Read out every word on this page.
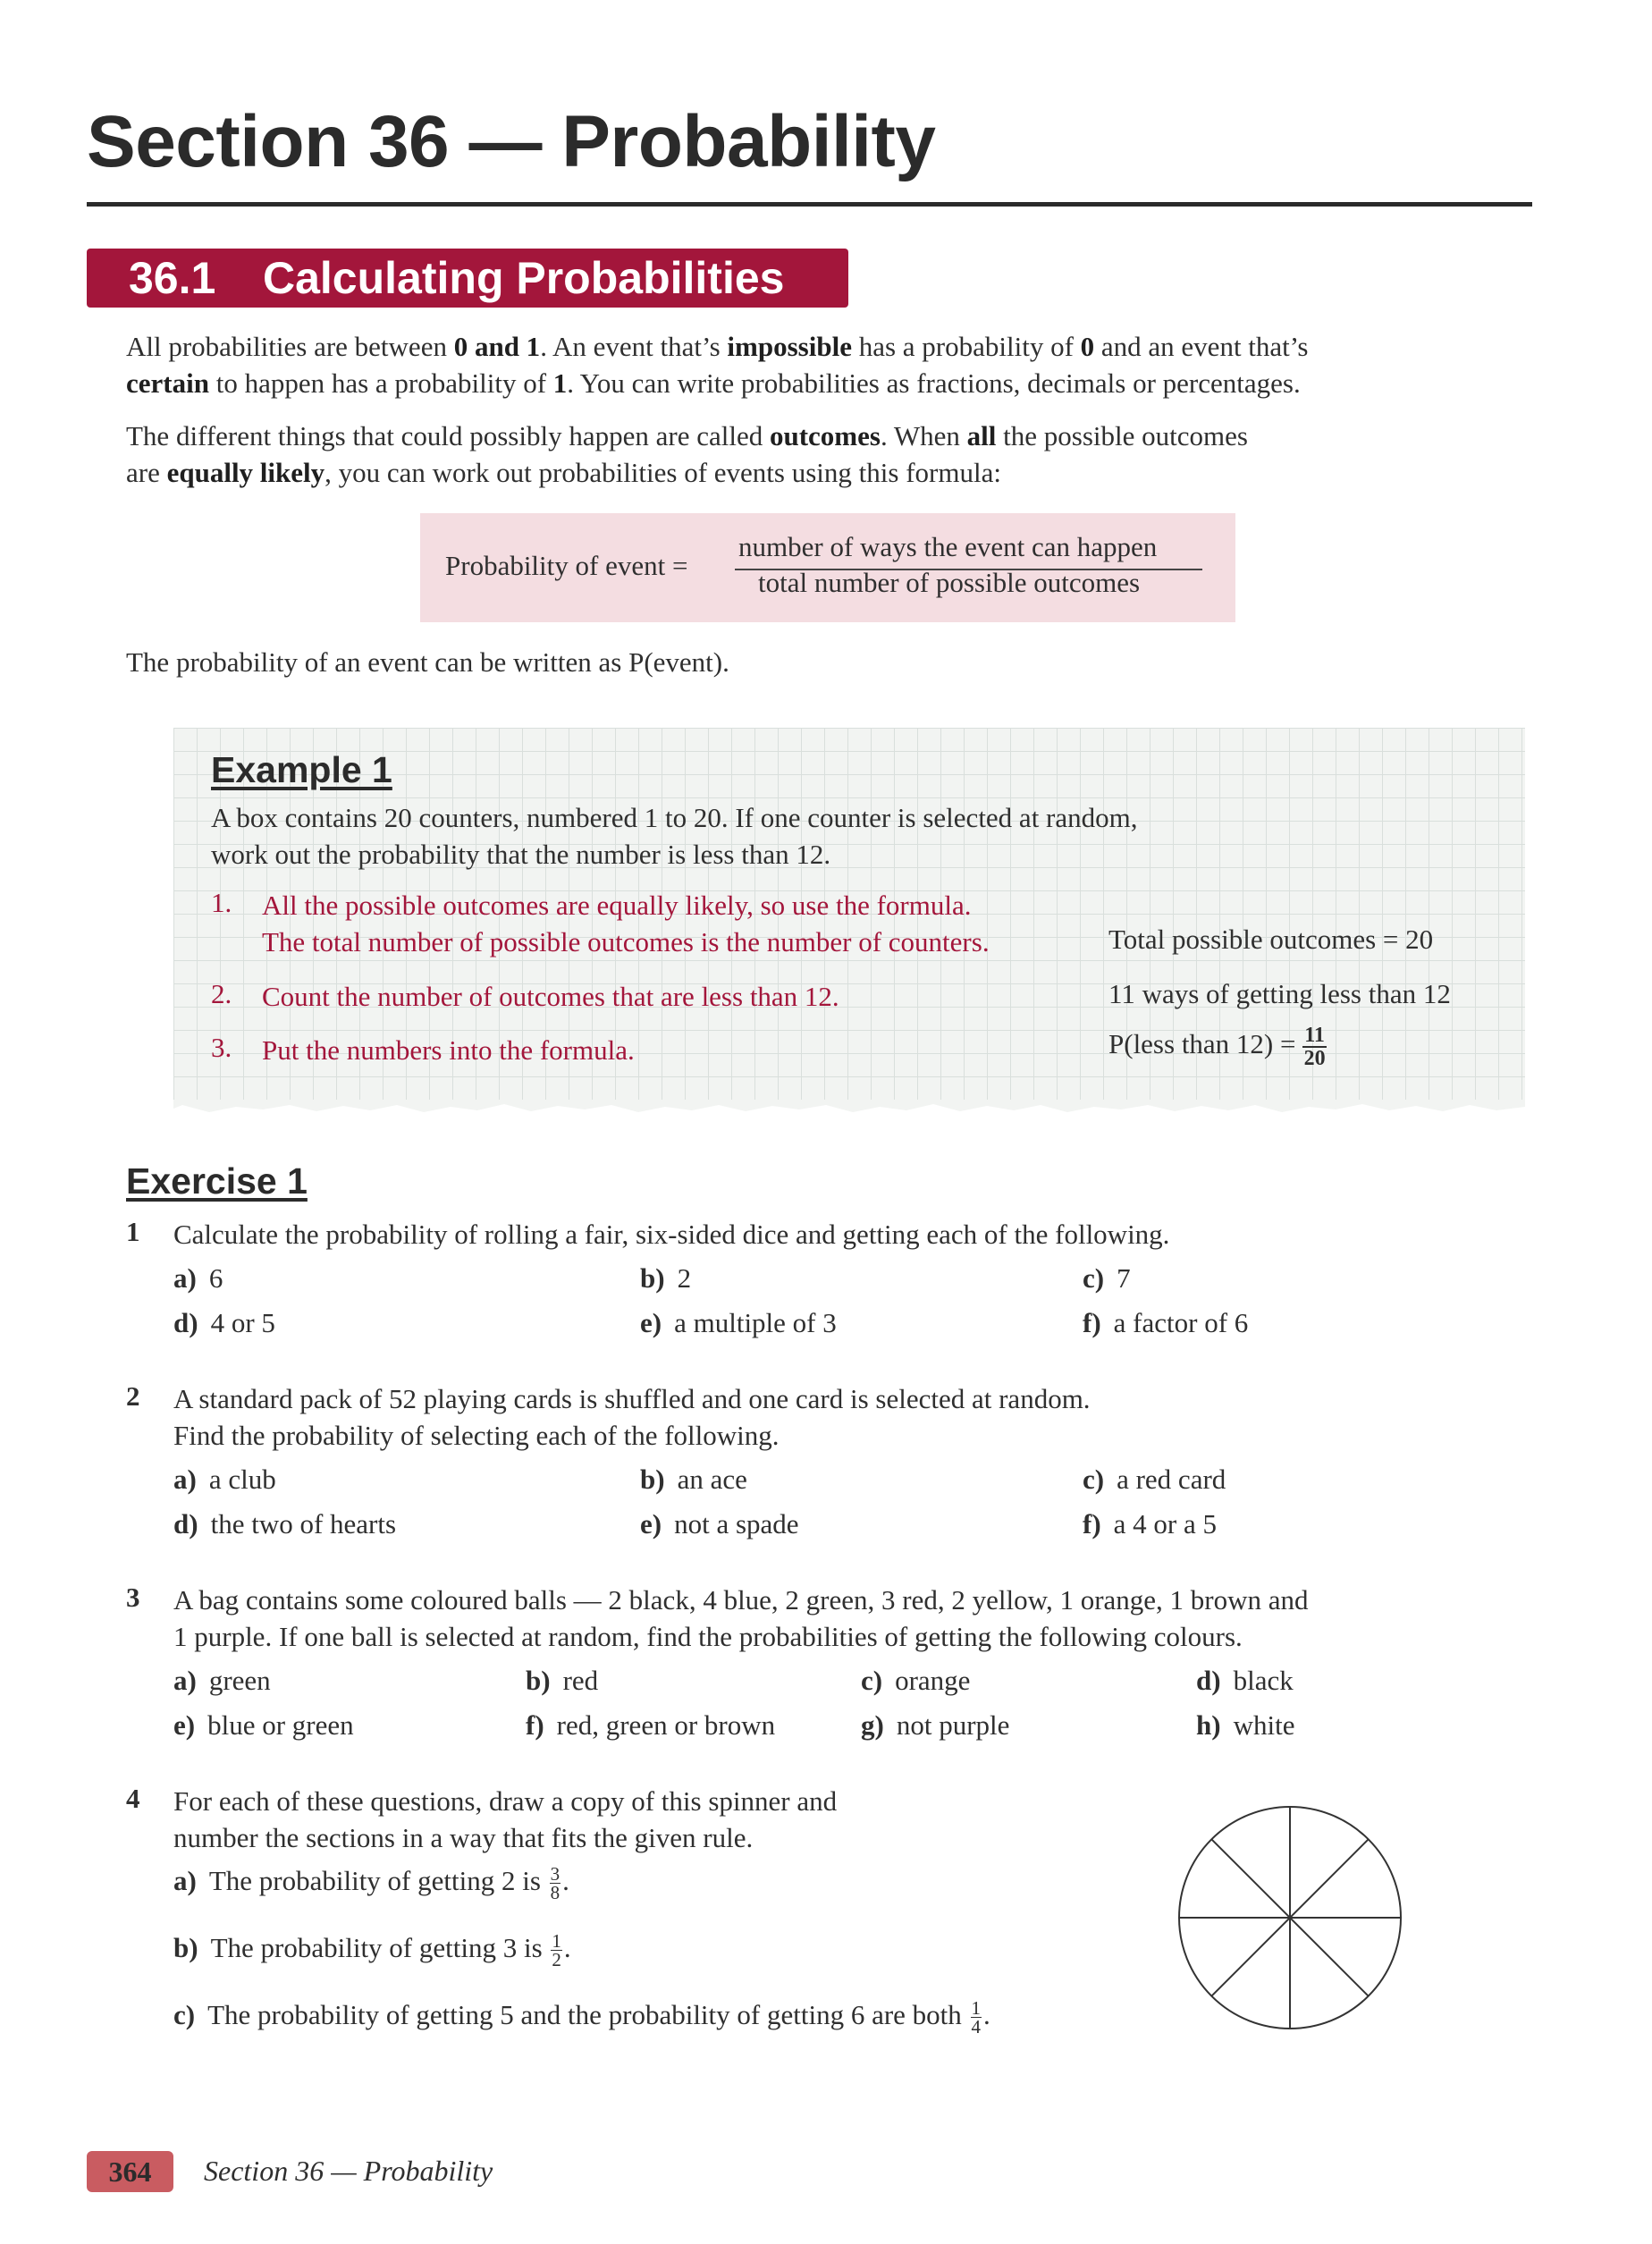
Section 36 — Probability
36.1	Calculating Probabilities
All probabilities are between 0 and 1. An event that’s impossible has a probability of 0 and an event that’s
certain to happen has a probability of 1. You can write probabilities as fractions, decimals or percentages.
The different things that could possibly happen are called outcomes. When all the possible outcomes
are equally likely, you can work out probabilities of events using this formula:
Probability of event =
number of ways the event can happen
total number of possible outcomes
The probability of an event can be written as P(event).
Example 1
A box contains 20 counters, numbered 1 to 20. If one counter is selected at random,
work out the probability that the number is less than 12.
1. All the possible outcomes are equally likely, so use the formula.
The total number of possible outcomes is the number of counters.	Total possible outcomes = 20
2. Count the number of outcomes that are less than 12.	11 ways of getting less than 12
3. Put the numbers into the formula.	P(less than $12) = \frac{11}{20}$
Exercise 1
1 Calculate the probability of rolling a fair, six-sided dice and getting each of the following.
a) 6	b) 2	c) 7
d) 4 or 5	e) a multiple of 3	f) a factor of 6
2 A standard pack of 52 playing cards is shuffled and one card is selected at random.
Find the probability of selecting each of the following.
a) a club	b) an ace	c) a red card
d) the two of hearts	e) not a spade	f) a 4 or a 5
3 A bag contains some coloured balls — 2 black, 4 blue, 2 green, 3 red, 2 yellow, 1 orange, 1 brown and
1 purple. If one ball is selected at random, find the probabilities of getting the following colours.
a) green	b) red	c) orange	d) black
e) blue or green	f) red, green or brown	g) not purple	h) white
4 For each of these questions, draw a copy of this spinner and
number the sections in a way that fits the given rule.
a) The probability of getting 2 is $\frac{3}{8}$ .
b) The probability of getting 3 is $\frac{1}{2}$ .
c) The probability of getting 5 and the probability of getting 6 are both $\frac{1}{4}$ .
364	Section 36 — Probability
